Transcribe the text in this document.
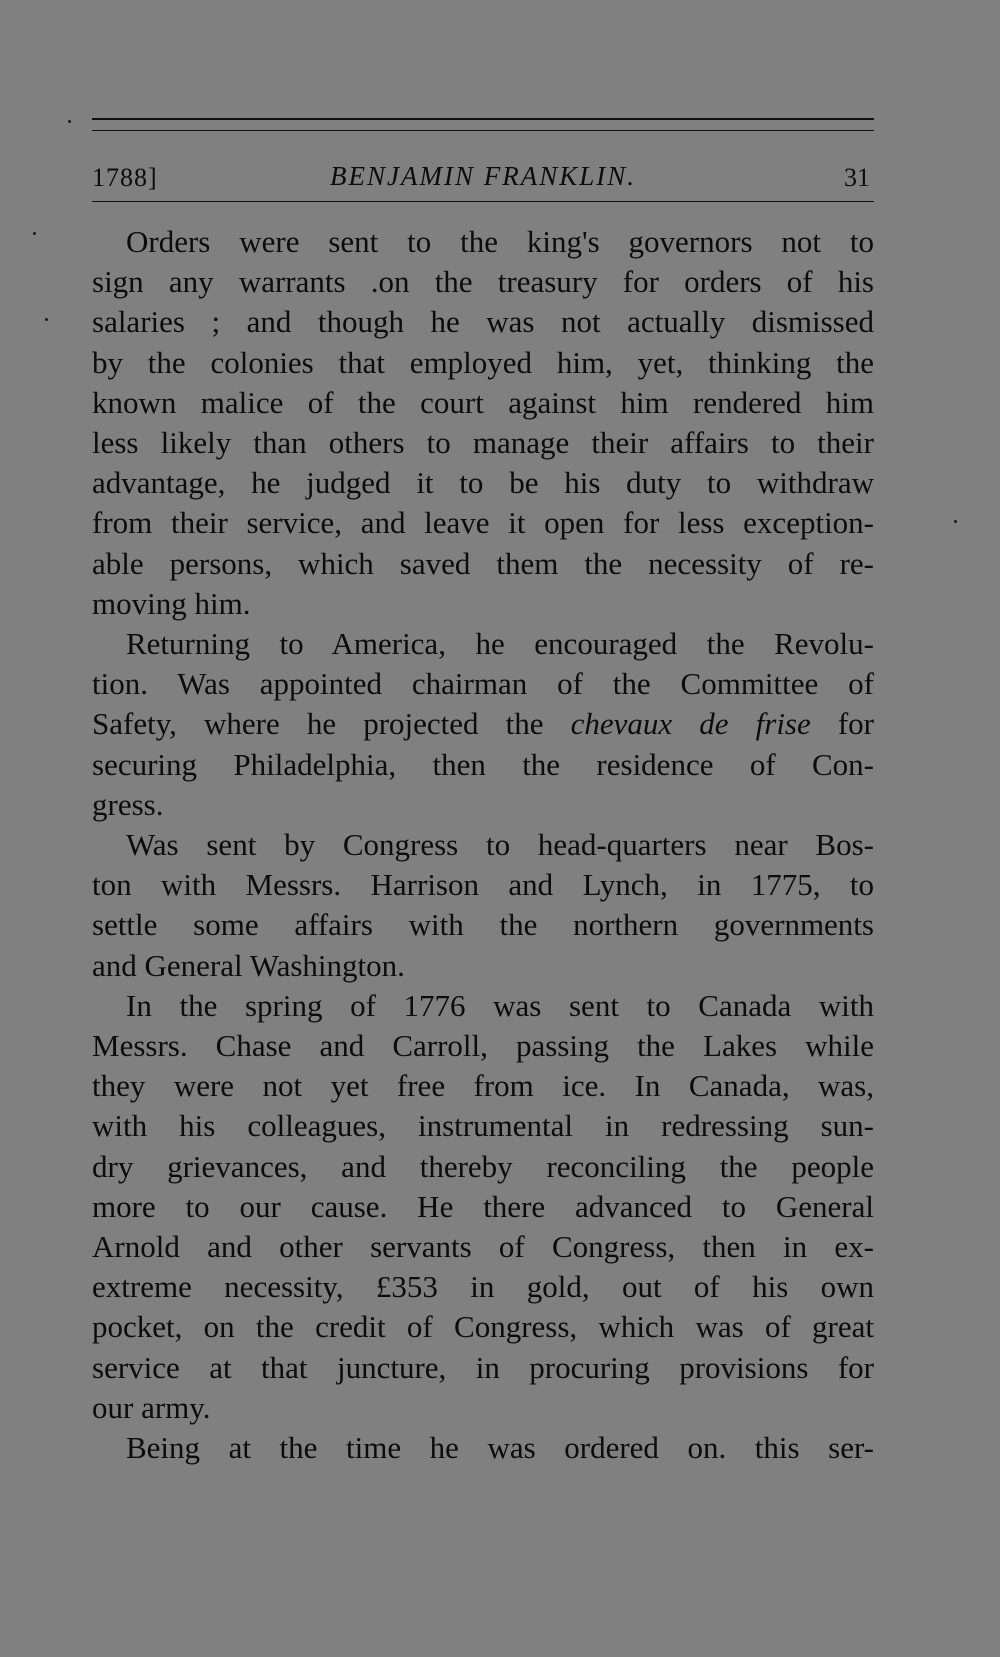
1788]	BENJAMIN FRANKLIN.	31
Orders were sent to the king's governors not to
sign any warrants .on the treasury for orders of his
salaries ; and though he was not actually dismissed
by the colonies that employed him, yet, thinking the
known malice of the court against him rendered him
less likely than others to manage their affairs to their
advantage, he judged it to be his duty to withdraw
from their service, and leave it open for less exception-
able persons, which saved them the necessity of re-
moving him.
Returning to America, he encouraged the Revolu-
tion. Was appointed chairman of the Committee of
Safety, where he projected the chevaux de frise for
securing Philadelphia, then the residence of Con-
gress.
Was sent by Congress to head-quarters near Bos-
ton with Messrs. Harrison and Lynch, in 1775, to
settle some affairs with the northern governments
and General Washington.
In the spring of 1776 was sent to Canada with
Messrs. Chase and Carroll, passing the Lakes while
they were not yet free from ice. In Canada, was,
with his colleagues, instrumental in redressing sun-
dry grievances, and thereby reconciling the people
more to our cause. He there advanced to General
Arnold and other servants of Congress, then in ex-
extreme necessity, £353 in gold, out of his own
pocket, on the credit of Congress, which was of great
service at that juncture, in procuring provisions for
our army.
Being at the time he was ordered on. this ser-
